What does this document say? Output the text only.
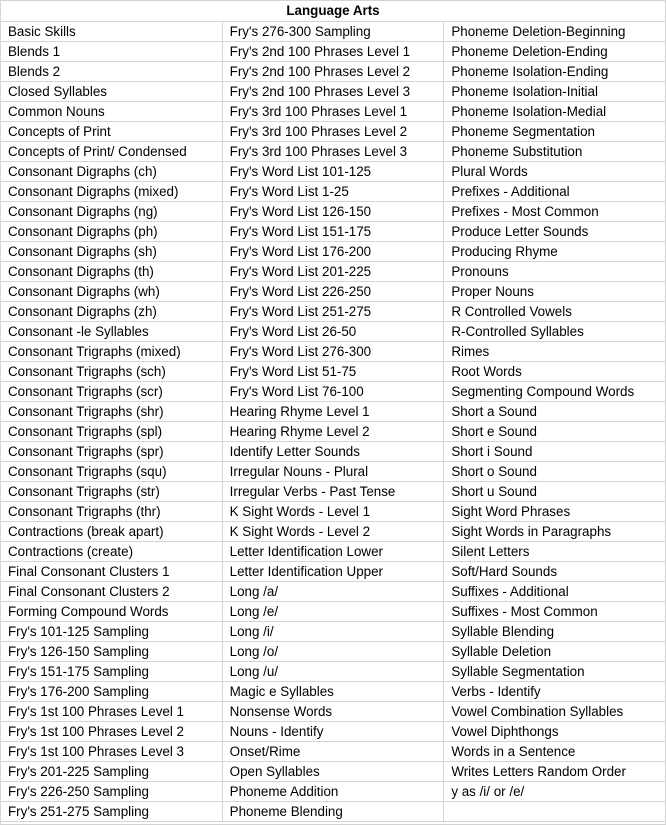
Language Arts		
Basic Skills	Fry's 276-300 Sampling	Phoneme Deletion-Beginning
Blends 1	Fry's 2nd 100 Phrases Level 1	Phoneme Deletion-Ending
Blends 2	Fry's 2nd 100 Phrases Level 2	Phoneme Isolation-Ending
Closed Syllables	Fry's 2nd 100 Phrases Level 3	Phoneme Isolation-Initial
Common Nouns	Fry's 3rd 100 Phrases Level 1	Phoneme Isolation-Medial
Concepts of Print	Fry's 3rd 100 Phrases Level 2	Phoneme Segmentation
Concepts of Print/ Condensed	Fry's 3rd 100 Phrases Level 3	Phoneme Substitution
Consonant Digraphs (ch)	Fry's Word List 101-125	Plural Words
Consonant Digraphs (mixed)	Fry's Word List 1-25	Prefixes - Additional
Consonant Digraphs (ng)	Fry's Word List 126-150	Prefixes - Most Common
Consonant Digraphs (ph)	Fry's Word List 151-175	Produce Letter Sounds
Consonant Digraphs (sh)	Fry's Word List 176-200	Producing Rhyme
Consonant Digraphs (th)	Fry's Word List 201-225	Pronouns
Consonant Digraphs (wh)	Fry's Word List 226-250	Proper Nouns
Consonant Digraphs (zh)	Fry's Word List 251-275	R Controlled Vowels
Consonant -le Syllables	Fry's Word List 26-50	R-Controlled Syllables
Consonant Trigraphs (mixed)	Fry's Word List 276-300	Rimes
Consonant Trigraphs (sch)	Fry's Word List 51-75	Root Words
Consonant Trigraphs (scr)	Fry's Word List 76-100	Segmenting Compound Words
Consonant Trigraphs (shr)	Hearing Rhyme Level 1	Short a Sound
Consonant Trigraphs (spl)	Hearing Rhyme Level 2	Short e Sound
Consonant Trigraphs (spr)	Identify Letter Sounds	Short i Sound
Consonant Trigraphs (squ)	Irregular Nouns - Plural	Short o Sound
Consonant Trigraphs (str)	Irregular Verbs - Past Tense	Short u Sound
Consonant Trigraphs (thr)	K Sight Words - Level 1	Sight Word Phrases
Contractions (break apart)	K Sight Words - Level 2	Sight Words in Paragraphs
Contractions (create)	Letter Identification Lower	Silent Letters
Final Consonant Clusters 1	Letter Identification Upper	Soft/Hard Sounds
Final Consonant Clusters 2	Long /a/	Suffixes - Additional
Forming Compound Words	Long /e/	Suffixes - Most Common
Fry's 101-125 Sampling	Long /i/	Syllable Blending
Fry's 126-150 Sampling	Long /o/	Syllable Deletion
Fry's 151-175 Sampling	Long /u/	Syllable Segmentation
Fry's 176-200 Sampling	Magic e Syllables	Verbs - Identify
Fry's 1st 100 Phrases Level 1	Nonsense Words	Vowel Combination Syllables
Fry's 1st 100 Phrases Level 2	Nouns - Identify	Vowel Diphthongs
Fry's 1st 100 Phrases Level 3	Onset/Rime	Words in a Sentence
Fry's 201-225 Sampling	Open Syllables	Writes Letters Random Order
Fry's 226-250 Sampling	Phoneme Addition	y as /i/ or /e/
Fry's 251-275 Sampling	Phoneme Blending	
